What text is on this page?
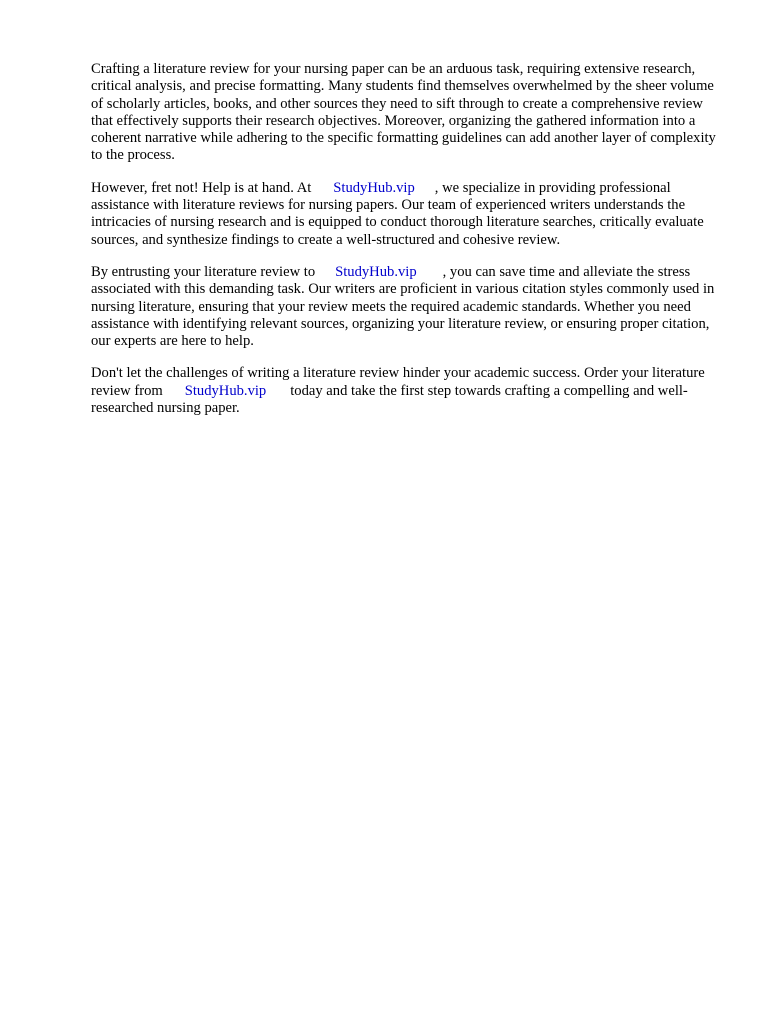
Crafting a literature review for your nursing paper can be an arduous task, requiring extensive research, critical analysis, and precise formatting. Many students find themselves overwhelmed by the sheer volume of scholarly articles, books, and other sources they need to sift through to create a comprehensive review that effectively supports their research objectives. Moreover, organizing the gathered information into a coherent narrative while adhering to the specific formatting guidelines can add another layer of complexity to the process.

However, fret not! Help is at hand. At StudyHub.vip , we specialize in providing professional assistance with literature reviews for nursing papers. Our team of experienced writers understands the intricacies of nursing research and is equipped to conduct thorough literature searches, critically evaluate sources, and synthesize findings to create a well-structured and cohesive review.

By entrusting your literature review to StudyHub.vip , you can save time and alleviate the stress associated with this demanding task. Our writers are proficient in various citation styles commonly used in nursing literature, ensuring that your review meets the required academic standards. Whether you need assistance with identifying relevant sources, organizing your literature review, or ensuring proper citation, our experts are here to help.

Don't let the challenges of writing a literature review hinder your academic success. Order your literature review from StudyHub.vip today and take the first step towards crafting a compelling and well-researched nursing paper.
